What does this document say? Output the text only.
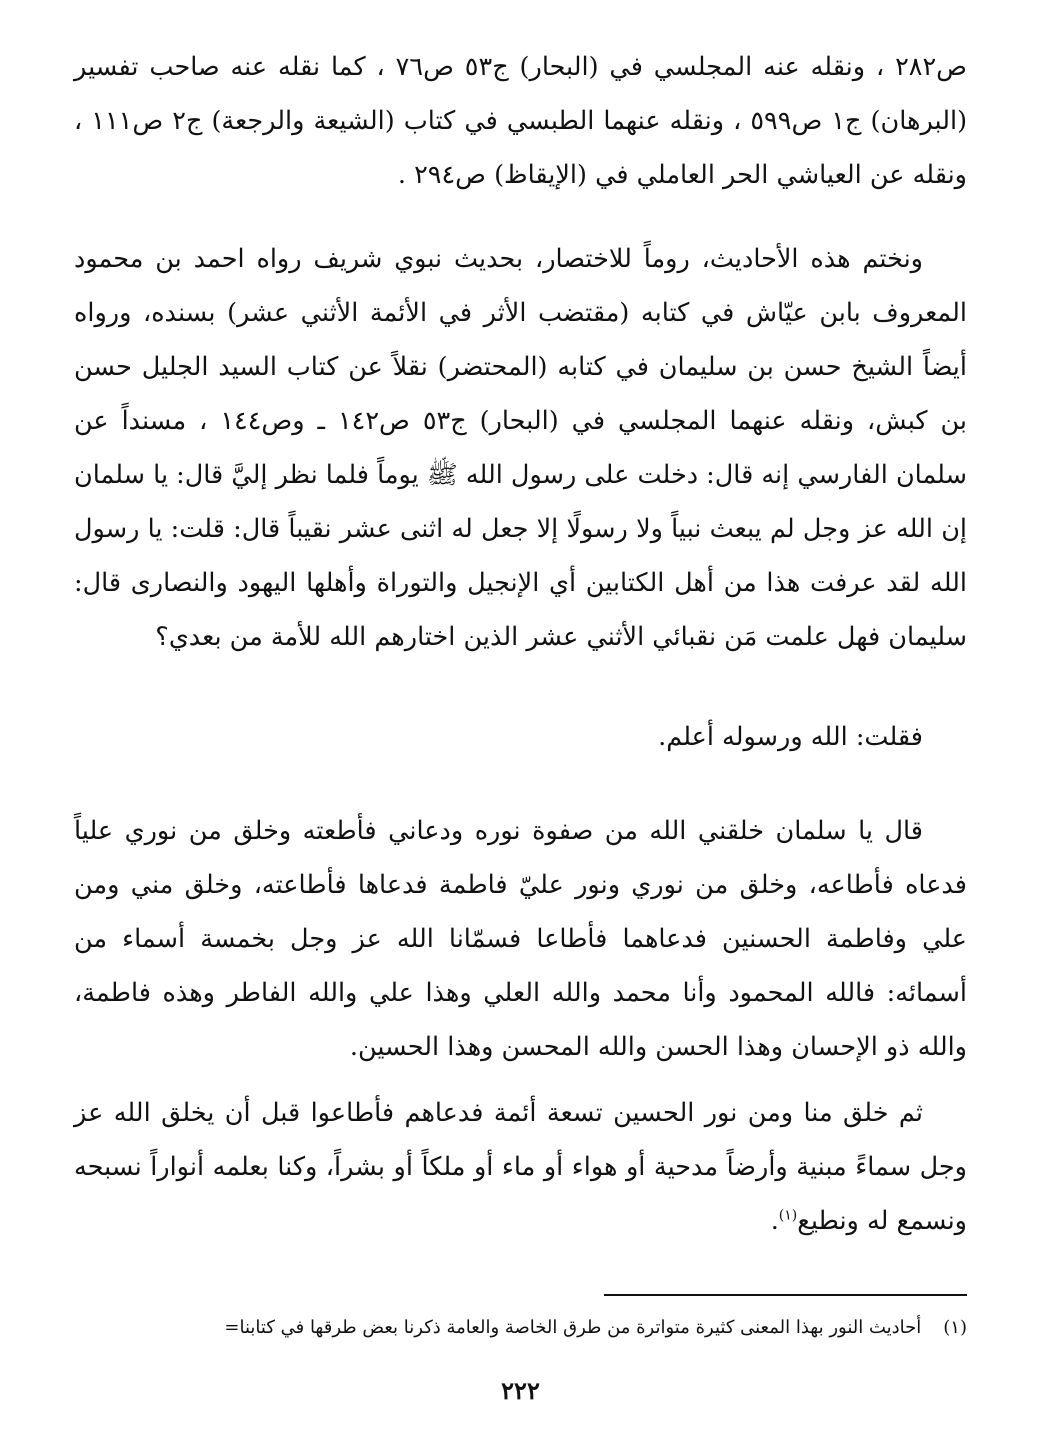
ص٢٨٢ ، ونقله عنه المجلسي في (البحار) ج٥٣ ص٧٦ ، كما نقله عنه صاحب تفسير (البرهان) ج١ ص٥٩٩ ، ونقله عنهما الطبسي في كتاب (الشيعة والرجعة) ج٢ ص١١١ ، ونقله عن العياشي الحر العاملي في (الإيقاظ) ص٢٩٤ .

ونختم هذه الأحاديث، روماً للاختصار، بحديث نبوي شريف رواه احمد بن محمود المعروف بابن عيّاش في كتابه (مقتضب الأثر في الأئمة الأثني عشر) بسنده، ورواه أيضاً الشيخ حسن بن سليمان في كتابه (المحتضر) نقلاً عن كتاب السيد الجليل حسن بن كبش، ونقله عنهما المجلسي في (البحار) ج٥٣ ص١٤٢ ـ وص١٤٤ ، مسنداً عن سلمان الفارسي إنه قال: دخلت على رسول الله ﷺ يوماً فلما نظر إليَّ قال: يا سلمان إن الله عز وجل لم يبعث نبياً ولا رسولًا إلا جعل له اثنى عشر نقيباً قال: قلت: يا رسول الله لقد عرفت هذا من أهل الكتابين أي الإنجيل والتوراة وأهلها اليهود والنصارى قال: سليمان فهل علمت مَن نقبائي الأثني عشر الذين اختارهم الله للأمة من بعدي؟

فقلت: الله ورسوله أعلم.

قال يا سلمان خلقني الله من صفوة نوره ودعاني فأطعته وخلق من نوري علياً فدعاه فأطاعه، وخلق من نوري ونور عليّ فاطمة فدعاها فأطاعته، وخلق مني ومن علي وفاطمة الحسنين فدعاهما فأطاعا فسمّانا الله عز وجل بخمسة أسماء من أسمائه: فالله المحمود وأنا محمد والله العلي وهذا علي والله الفاطر وهذه فاطمة، والله ذو الإحسان وهذا الحسن والله المحسن وهذا الحسين.

ثم خلق منا ومن نور الحسين تسعة أئمة فدعاهم فأطاعوا قبل أن يخلق الله عز وجل سماءً مبنية وأرضاً مدحية أو هواء أو ماء أو ملكاً أو بشراً، وكنا بعلمه أنواراً نسبحه ونسمع له ونطيع$^{(١)}$.

(١)أحاديث النور بهذا المعنى كثيرة متواترة من طرق الخاصة والعامة ذكرنا بعض طرقها في كتابنا=
٢٢٢
